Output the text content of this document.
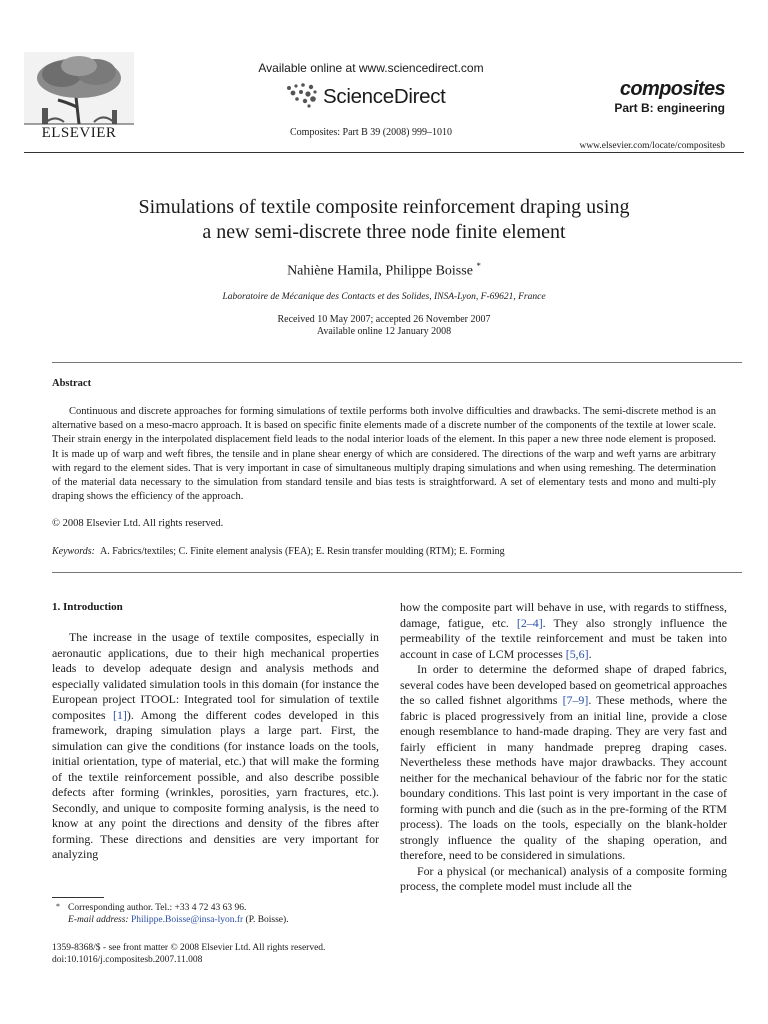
ELSEVIER
Available online at www.sciencedirect.com
ScienceDirect
Composites: Part B 39 (2008) 999–1010
composites
Part B: engineering
www.elsevier.com/locate/compositesb
Simulations of textile composite reinforcement draping using
a new semi-discrete three node finite element
Nahiène Hamila, Philippe Boisse *
Laboratoire de Mécanique des Contacts et des Solides, INSA-Lyon, F-69621, France
Received 10 May 2007; accepted 26 November 2007
Available online 12 January 2008
Abstract

Continuous and discrete approaches for forming simulations of textile performs both involve difficulties and drawbacks. The semi-discrete method is an alternative based on a meso-macro approach. It is based on specific finite elements made of a discrete number of the components of the textile at lower scale. Their strain energy in the interpolated displacement field leads to the nodal interior loads of the element. In this paper a new three node element is proposed. It is made up of warp and weft fibres, the tensile and in plane shear energy of which are considered. The directions of the warp and weft yarns are arbitrary with regard to the element sides. That is very important in case of simultaneous multiply draping simulations and when using remeshing. The determination of the material data necessary to the simulation from standard tensile and bias tests is straightforward. A set of elementary tests and mono and multi-ply draping shows the efficiency of the approach.

© 2008 Elsevier Ltd. All rights reserved.
Keywords: A. Fabrics/textiles; C. Finite element analysis (FEA); E. Resin transfer moulding (RTM); E. Forming
1. Introduction

The increase in the usage of textile composites, especially in aeronautic applications, due to their high mechanical properties leads to develop adequate design and analysis methods and especially validated simulation tools in this domain (for instance the European project ITOOL: Integrated tool for simulation of textile composites [1]). Among the different codes developed in this framework, draping simulation plays a large part. First, the simulation can give the conditions (for instance loads on the tools, initial orientation, type of material, etc.) that will make the forming of the textile reinforcement possible, and also describe possible defects after forming (wrinkles, porosities, yarn fractures, etc.). Secondly, and unique to composite forming analysis, is the need to know at any point the directions and density of the fibres after forming. These directions and densities are very important for analyzing

how the composite part will behave in use, with regards to stiffness, damage, fatigue, etc. [2–4]. They also strongly influence the permeability of the textile reinforcement and must be taken into account in case of LCM processes [5,6].

In order to determine the deformed shape of draped fabrics, several codes have been developed based on geometrical approaches the so called fishnet algorithms [7–9]. These methods, where the fabric is placed progressively from an initial line, provide a close enough resemblance to hand-made draping. They are very fast and fairly efficient in many handmade prepreg draping cases. Nevertheless these methods have major drawbacks. They account neither for the mechanical behaviour of the fabric nor for the static boundary conditions. This last point is very important in the case of forming with punch and die (such as in the pre-forming of the RTM process). The loads on the tools, especially on the blank-holder strongly influence the quality of the shaping operation, and therefore, need to be considered in simulations.

For a physical (or mechanical) analysis of a composite forming process, the complete model must include all the

* Corresponding author. Tel.: +33 4 72 43 63 96.
E-mail address: Philippe.Boisse@insa-lyon.fr (P. Boisse).
1359-8368/$ - see front matter © 2008 Elsevier Ltd. All rights reserved.
doi:10.1016/j.compositesb.2007.11.008
